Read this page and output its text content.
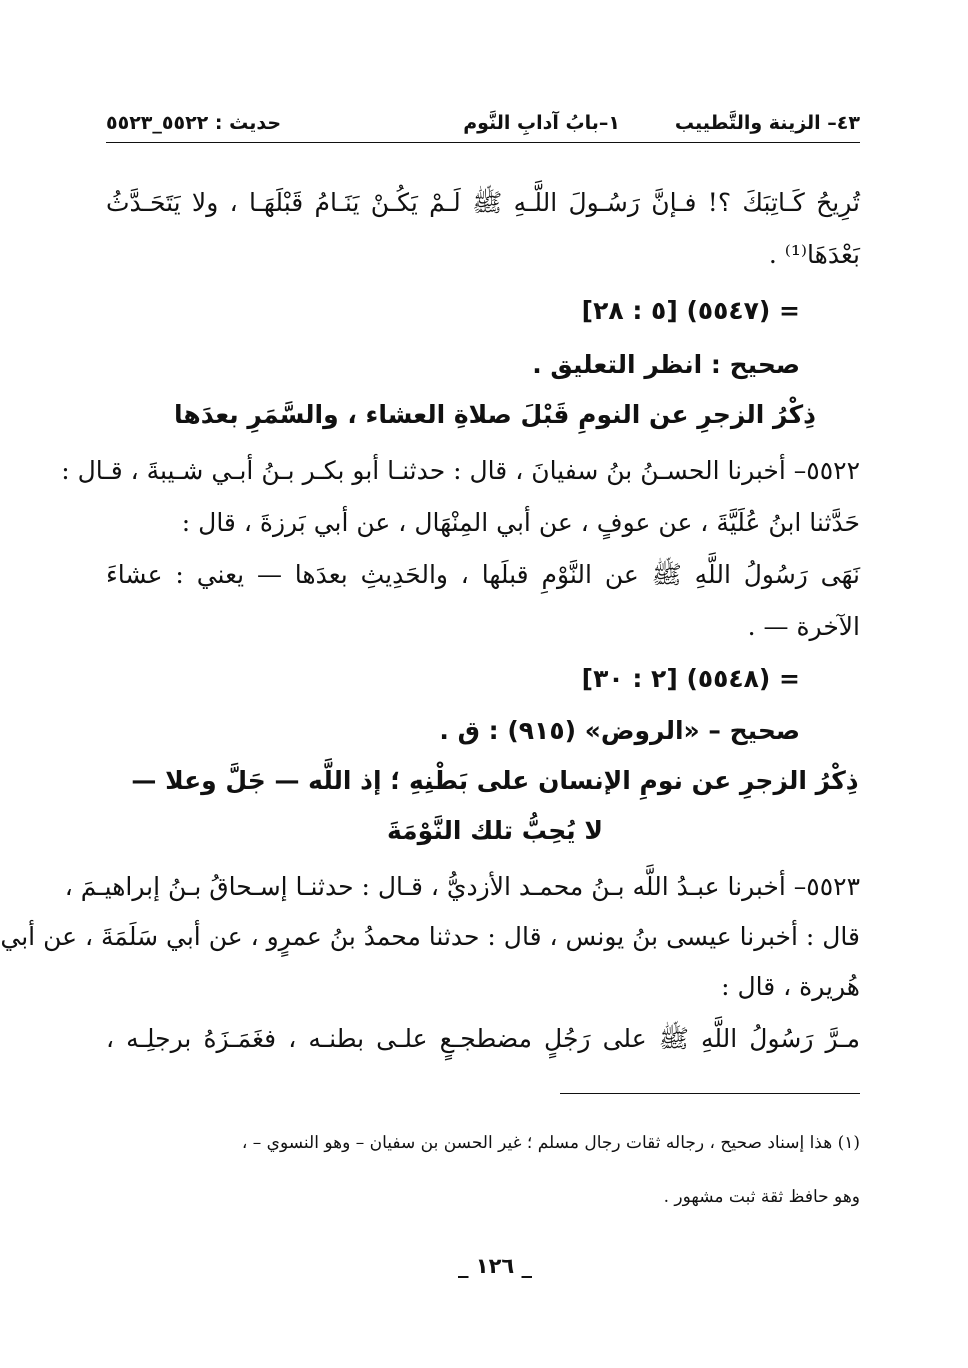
٤٣– الزينة والتَّطييب
١–بابُ آدابِ النَّوم
حديث : ٥٥٢٢_٥٥٢٣
تُرِيحُ كَـاتِبَكَ ؟! فـإنَّ رَسُـولَ اللَّـهِ ﷺ لَـمْ يَكُـنْ يَنَـامُ قَبْلَهَـا ، ولا يَتَحَـدَّثُ
بَعْدَهَا⁽¹⁾ .
= (٥٥٤٧) [٥ : ٢٨]
صحيح : انظر التعليق .
ذِكْرُ الزجرِ عن النومِ قَبْلَ صلاةِ العشاء ، والسَّمَرِ بعدَها
٥٥٢٢– أخبرنا الحسـنُ بنُ سفيانَ ، قال : حدثنـا أبو بكـر بـنُ أبـي شـيبةَ ، قـال :
حَدَّثنا ابنُ عُلَيَّةَ ، عن عوفٍ ، عن أبي المِنْهَال ، عن أبي بَرزةَ ، قال :
نَهَى رَسُولُ اللَّهِ ﷺ عن النَّوْمِ قبلَها ، والحَدِيثِ بعدَها — يعني : عشاءَ
الآخرة — .
= (٥٥٤٨) [٢ : ٣٠]
صحيح – «الروض» (٩١٥) : ق .
ذِكْرُ الزجرِ عن نومِ الإنسان على بَطْنِهِ ؛ إذ اللَّه — جَلَّ وعلا —
لا يُحِبُّ تلك النَّوْمَةَ
٥٥٢٣– أخبرنا عبـدُ اللَّه بـنُ محمـد الأزديُّ ، قـال : حدثنـا إسـحاقُ بـنُ إبراهيـمَ ،
قال : أخبرنا عيسى بنُ يونس ، قال : حدثنا محمدُ بنُ عمرٍو ، عن أبي سَلَمَةَ ، عن أبي
هُريرة ، قال :
مـرَّ رَسُولُ اللَّهِ ﷺ على رَجُلٍ مضطجـعٍ علـى بطنـه ، فغَمَـزَهُ برجلِـه ،
(١) هذا إسناد صحيح ، رجاله ثقات رجال مسلم ؛ غير الحسن بن سفيان – وهو النسوي – ،
وهو حافظ ثقة ثبت مشهور .
_ ١٢٦ _
